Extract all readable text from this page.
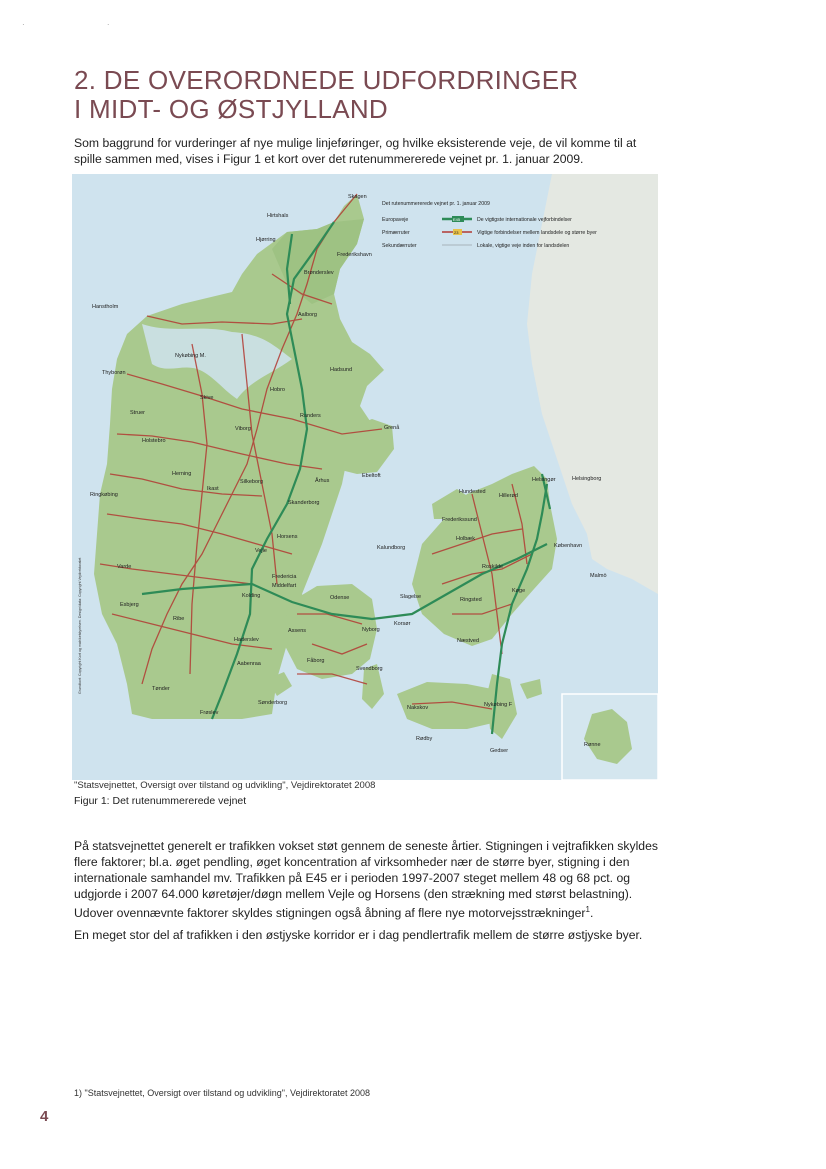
· ·
2. DE OVERORDNEDE UDFORDRINGER
I MIDT- OG ØSTJYLLAND

Som baggrund for vurderinger af nye mulige linjeføringer, og hvilke eksisterende veje, de vil komme til at spille sammen med, vises i Figur 1 et kort over det rutenummererede vejnet pr. 1. januar 2009.

Det rutenummererede vejnet pr. 1. januar 2009
Europaveje	E45	De vigtigste internationale vejforbindelser
Primærruter	23	Vigtige forbindelser mellem landsdele og større byer
Sekundærruter	Lokale, vigtige veje inden for landsdelen
Grundkort: Copyright Kort og matrikelstyrelsen. Design/data: Copyright Vejdirektoratet
Skagen
Hirtshals
Hjørring
Frederikshavn
Brønderslev
Hanstholm
Aalborg
Nykøbing M.
Thyborøn	Hadsund
Hobro
Skive
Struer	Randers
Grenå
Viborg
Holstebro
Herning
Ikast
Silkeborg	Århus
Ebeltoft
Ringkøbing
Skanderborg
Horsens
Vejle
Varde
Fredericia
Middelfart
Esbjerg
Kolding
Ribe
Haderslev
Odense
Assens	Nyborg
Korsør
Aabenraa	Fåborg
Svendborg
Tønder
Sønderborg
Frøslev
Helsingør	Helsingborg
Hundested
Hillerød
Frederikssund
Holbæk
Kalundborg
Roskilde
København
Malmö
Køge
Slagelse	Ringsted
Næstved
Nakskov	Nykøbing F
Rødby
Gedser
Rønne

"Statsvejnettet, Oversigt over tilstand og udvikling", Vejdirektoratet 2008

Figur 1: Det rutenummererede vejnet

På statsvejnettet generelt er trafikken vokset støt gennem de seneste årtier. Stigningen i vejtrafikken skyldes flere faktorer; bl.a. øget pendling, øget koncentration af virksomheder nær de større byer, stigning i den internationale samhandel mv. Trafikken på E45 er i perioden 1997-2007 steget mellem 48 og 68 pct. og udgjorde i 2007 64.000 køretøjer/døgn mellem Vejle og Horsens (den strækning med størst belastning). Udover ovennævnte faktorer skyldes stigningen også åbning af flere nye motorvejsstrækninger$^1$.

En meget stor del af trafikken i den østjyske korridor er i dag pendlertrafik mellem de større østjyske byer.

1) "Statsvejnettet, Oversigt over tilstand og udvikling", Vejdirektoratet 2008

4
